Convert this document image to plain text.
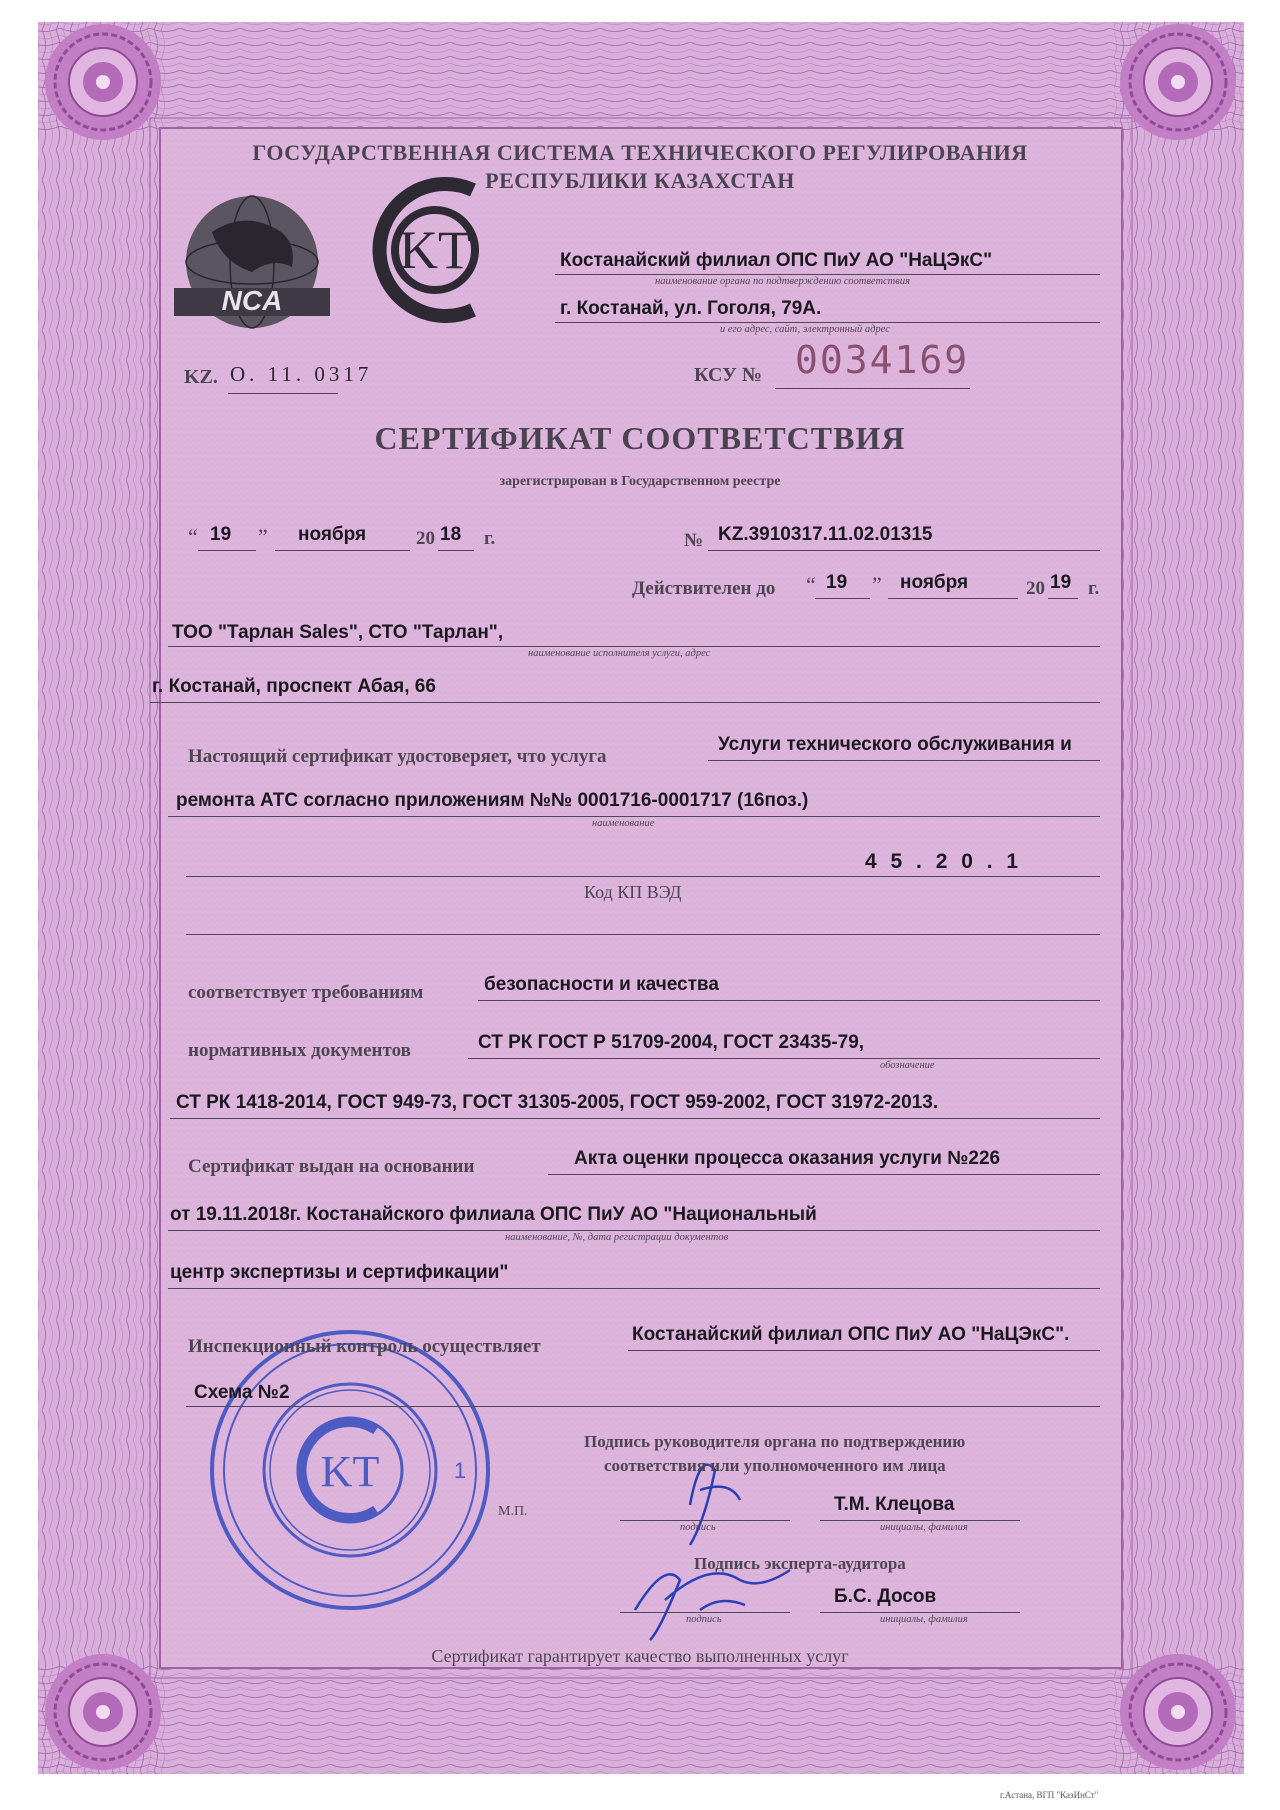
NCA
KT
KT	1
ГОСУДАРСТВЕННАЯ СИСТЕМА ТЕХНИЧЕСКОГО РЕГУЛИРОВАНИЯ
РЕСПУБЛИКИ КАЗАХСТАН
KZ. O. 11. 0317
Костанайский филиал ОПС ПиУ АО "НаЦЭкС"
наименование органа по подтверждению соответствия
г. Костанай, ул. Гоголя, 79А.
и его адрес, сайт, электронный адрес
КСУ № 0034169
СЕРТИФИКАТ СООТВЕТСТВИЯ
зарегистрирован в Государственном реестре
“ 19 ” ноября	20 18 г.	№ KZ.3910317.11.02.01315
Действителен до “ 19 ” ноября	20 19 г.
ТОО "Тарлан Sales", СТО "Тарлан",
наименование исполнителя услуги, адрес
г. Костанай, проспект Абая, 66
Настоящий сертификат удостоверяет, что услуга
Услуги технического обслуживания и
ремонта АТС согласно приложениям №№ 0001716-0001717 (16поз.)
наименование
4 5 . 2 0 . 1
Код КП ВЭД
соответствует требованиям	безопасности и качества
нормативных документов	СТ РК ГОСТ Р 51709-2004, ГОСТ 23435-79,
обозначение
СТ РК 1418-2014, ГОСТ 949-73, ГОСТ 31305-2005, ГОСТ 959-2002, ГОСТ 31972-2013.
Сертификат выдан на основании	Акта оценки процесса оказания услуги №226
от 19.11.2018г. Костанайского филиала ОПС ПиУ АО "Национальный
наименование, №, дата регистрации документов
центр экспертизы и сертификации"
Инспекционный контроль осуществляет
Костанайский филиал ОПС ПиУ АО "НаЦЭкС".
Схема №2
Подпись руководителя органа по подтверждению
соответствия или уполномоченного им лица
подпись
Т.М. Клецова
инициалы, фамилия
М.П.
Подпись эксперта-аудитора
подпись
Б.С. Досов
инициалы, фамилия
Сертификат гарантирует качество выполненных услуг
г.Астана, ВГП "КазИнСт"
